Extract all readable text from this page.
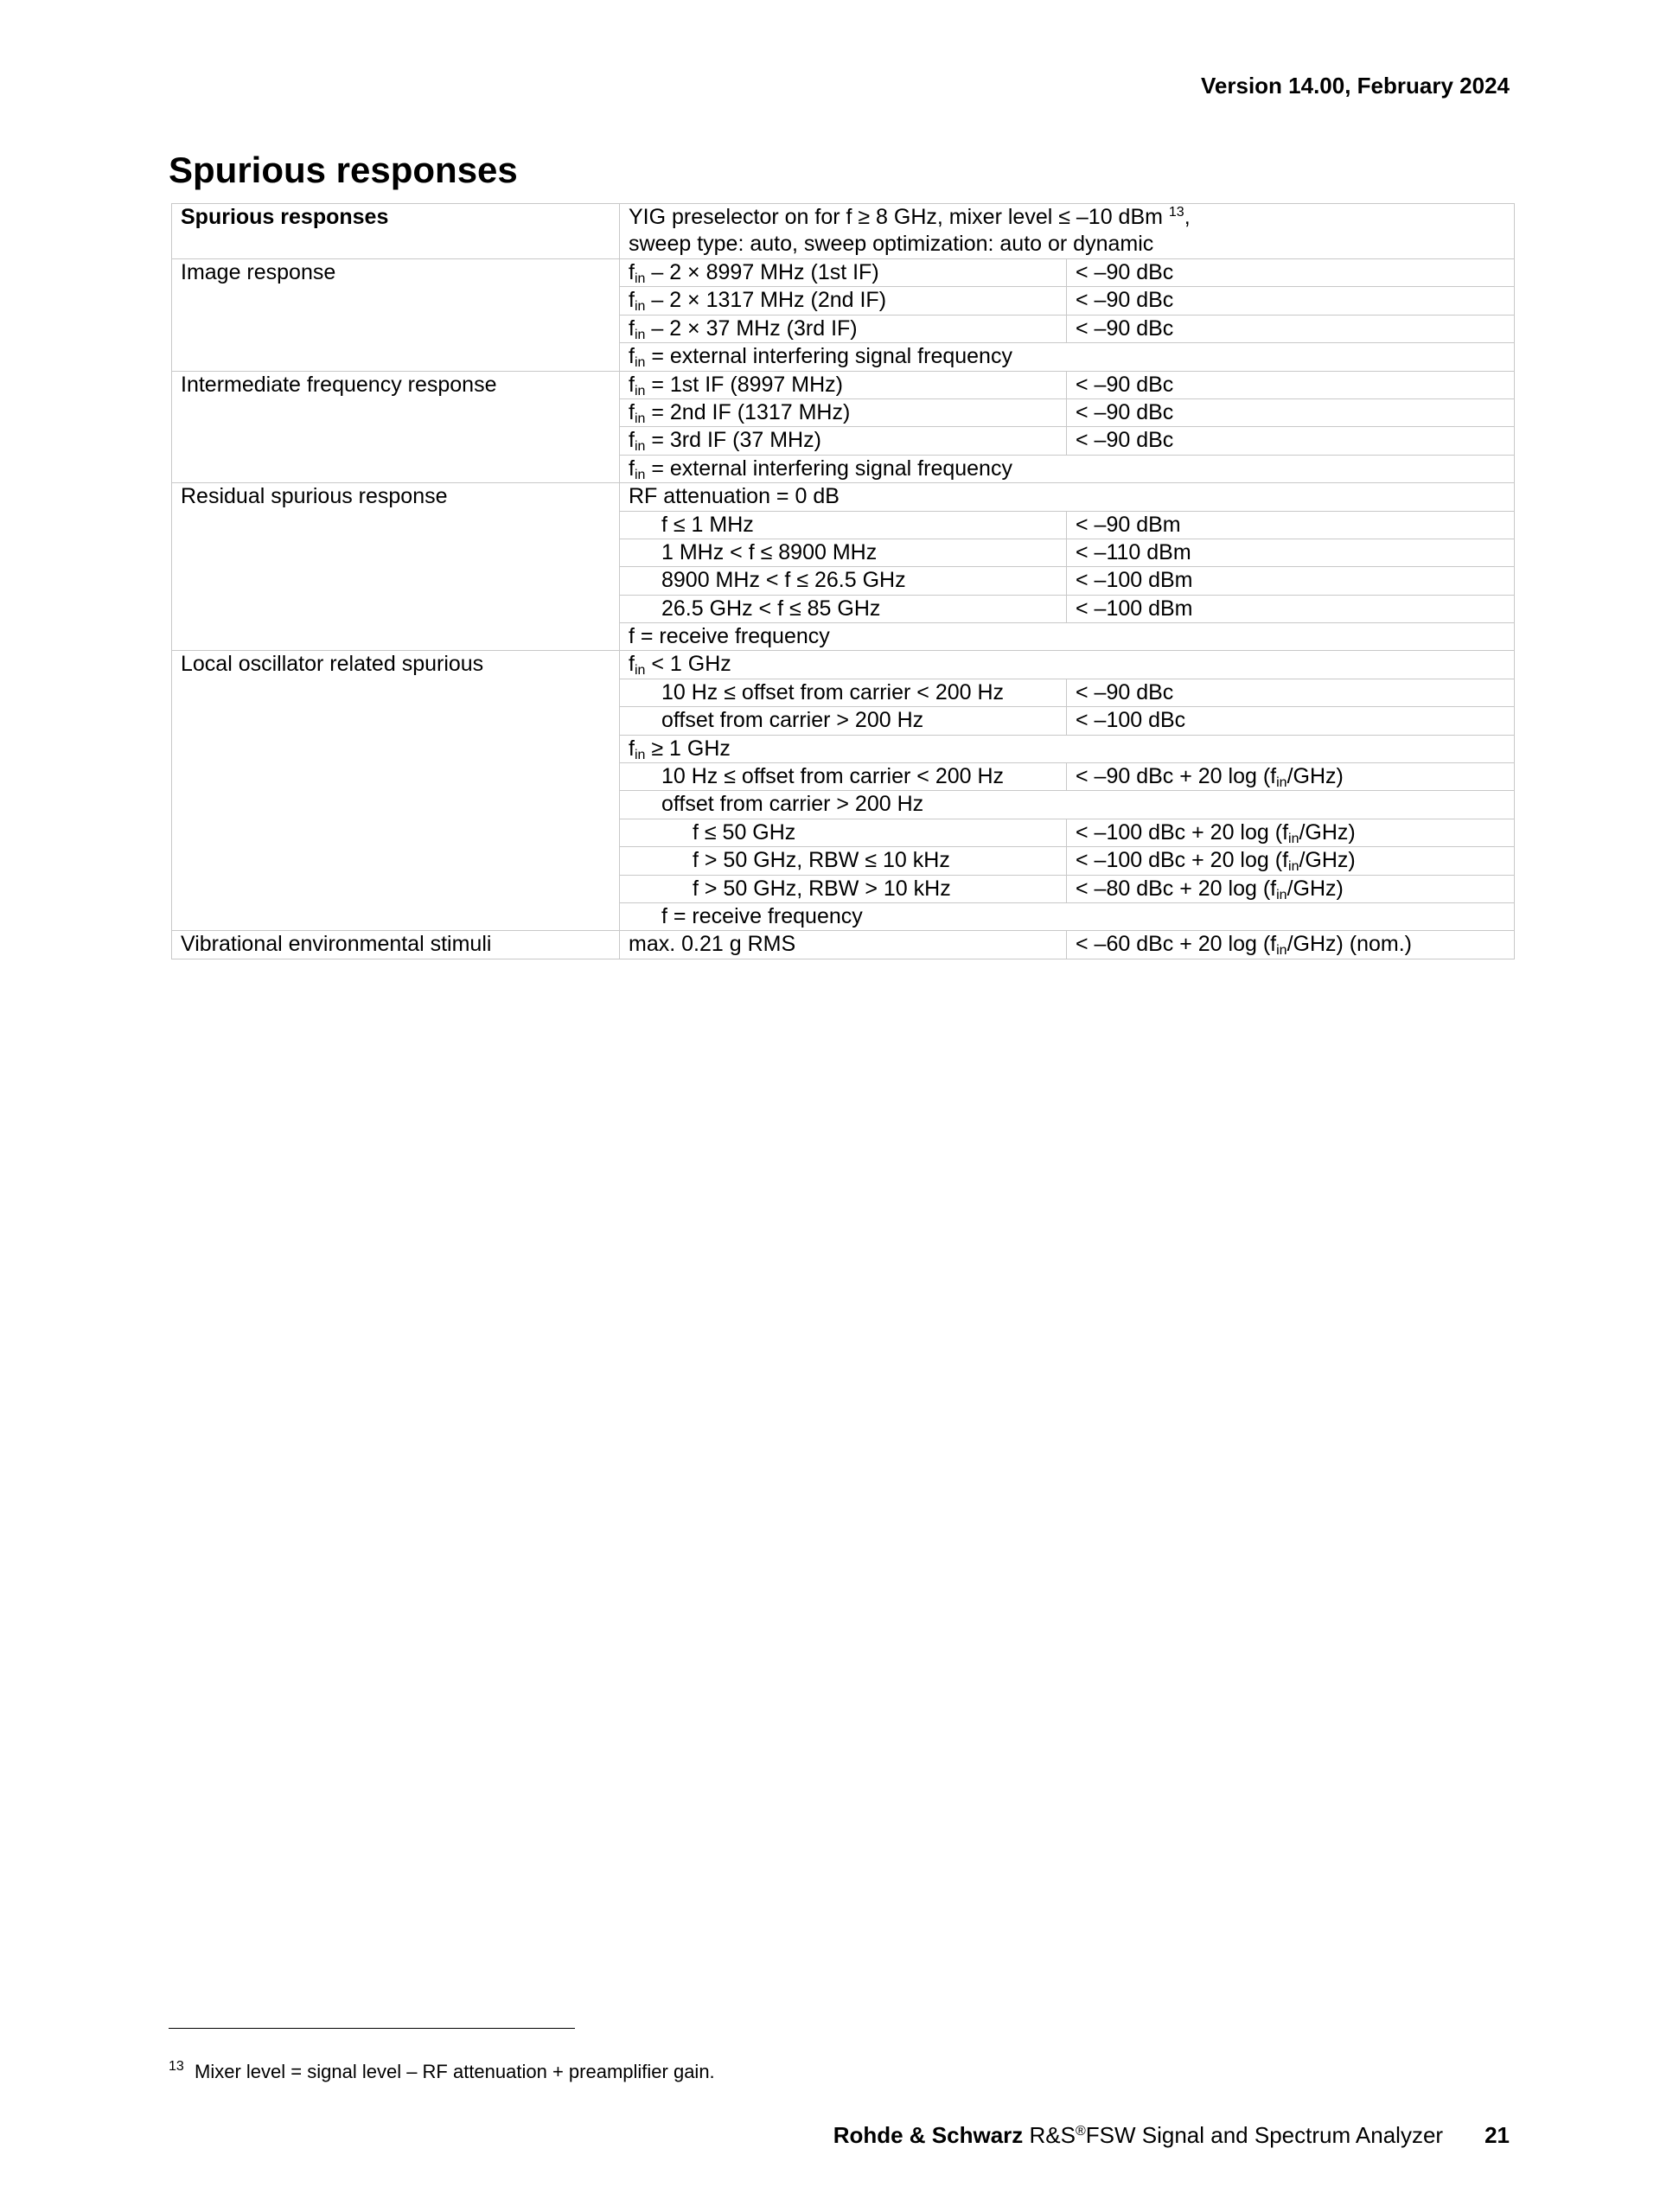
Version 14.00, February 2024
Spurious responses
Spurious responses	YIG preselector on for f ≥ 8 GHz, mixer level ≤ –10 dBm $^{13}$,
sweep type: auto, sweep optimization: auto or dynamic	
Image response	$f_{in} - 2 \times 8997$ MHz (1st IF)	< –90 dBc
	$f_{in} - 2 \times 1317$ MHz (2nd IF)	< –90 dBc
	$f_{in} - 2 \times 37$ MHz (3rd IF)	< –90 dBc
	$f_{in}$ = external interfering signal frequency	
Intermediate frequency response	$f_{in} = 1st$ IF (8997 MHz)	< –90 dBc
	$f_{in} = 2nd$ IF (1317 MHz)	< –90 dBc
	$f_{in} = 3rd$ IF (37 MHz)	< –90 dBc
	$f_{in}$ = external interfering signal frequency	
Residual spurious response	RF attenuation = 0 dB	
	f ≤ 1 MHz	< –90 dBm
	1 MHz < f ≤ 8900 MHz	< –110 dBm
	8900 MHz < f ≤ 26.5 GHz	< –100 dBm
	26.5 GHz < f ≤ 85 GHz	< –100 dBm
	f = receive frequency	
Local oscillator related spurious	$f_{in} < 1$ GHz	
	10 Hz ≤ offset from carrier < 200 Hz	< –90 dBc
	offset from carrier > 200 Hz	< –100 dBc
	$f_{in} \ge 1$ GHz	
	10 Hz ≤ offset from carrier < 200 Hz	< –90 dBc + 20 $\log (f_{in}/GHz)$
	offset from carrier > 200 Hz	
	f ≤ 50 GHz	< –100 dBc + 20 $\log (f_{in}/GHz)$
	f > 50 GHz, RBW ≤ 10 kHz	< –100 dBc + 20 $\log (f_{in}/GHz)$
	f > 50 GHz, RBW > 10 kHz	< –80 dBc + 20 $\log (f_{in}/GHz)$
	f = receive frequency	
Vibrational environmental stimuli	max. 0.21 g RMS	< –60 dBc + 20 $\log (f_{in}/GHz)$ (nom.)
$^{13}$ Mixer level = signal level – RF attenuation + preamplifier gain.
Rohde & Schwarz R&S®FSW Signal and Spectrum Analyzer 21
